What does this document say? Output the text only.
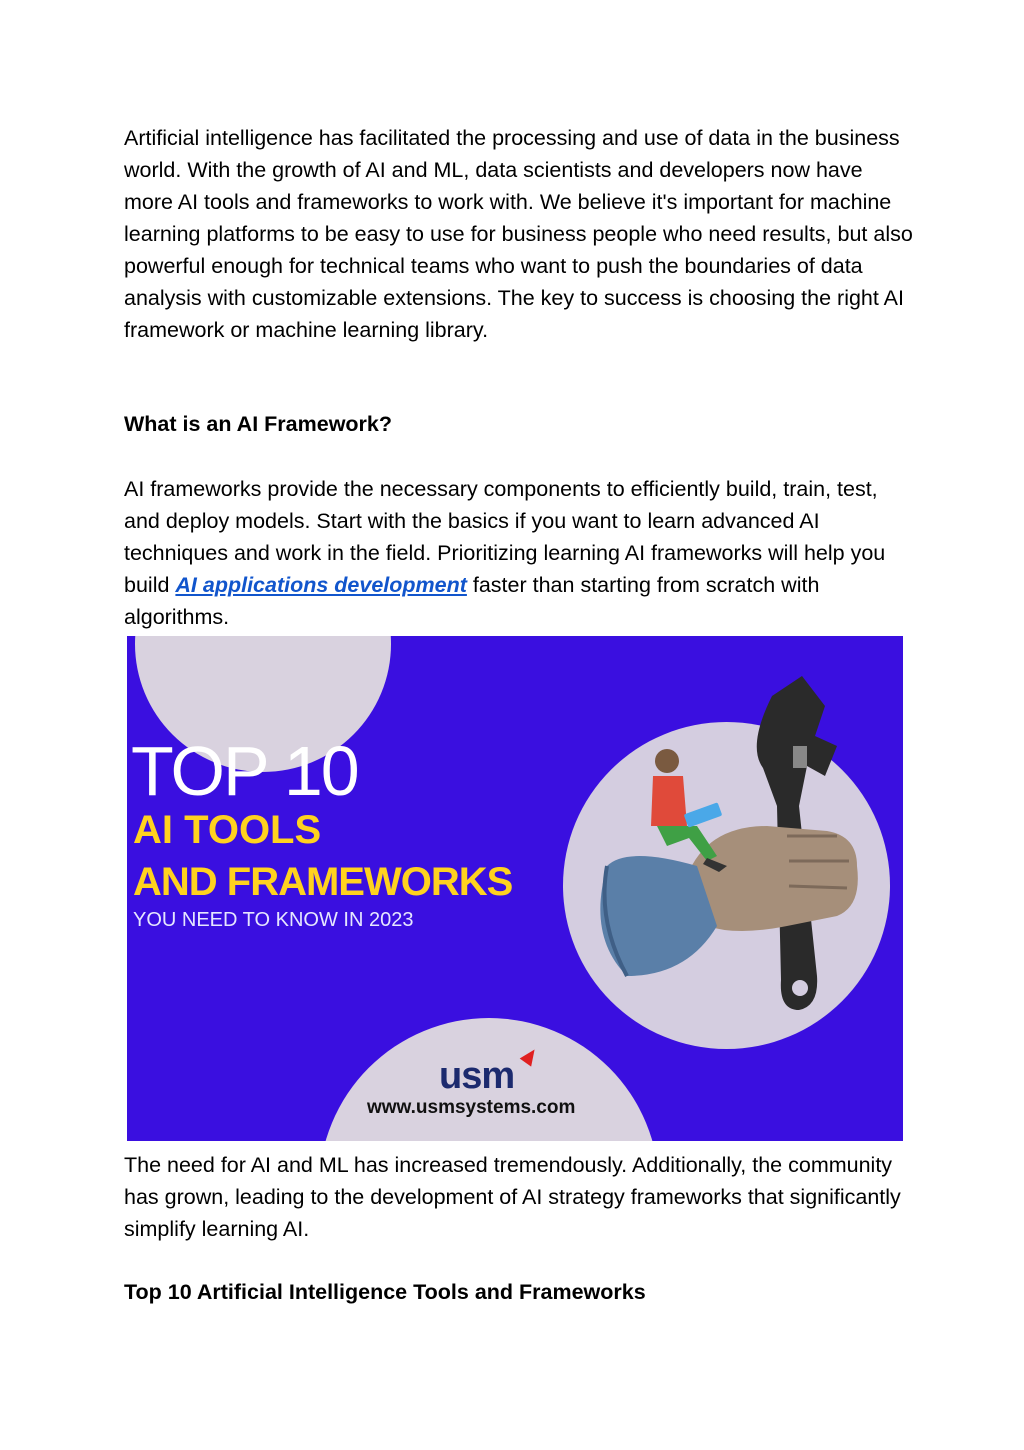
Artificial intelligence has facilitated the processing and use of data in the business world. With the growth of AI and ML, data scientists and developers now have more AI tools and frameworks to work with. We believe it's important for machine learning platforms to be easy to use for business people who need results, but also powerful enough for technical teams who want to push the boundaries of data analysis with customizable extensions. The key to success is choosing the right AI framework or machine learning library.

What is an AI Framework?

AI frameworks provide the necessary components to efficiently build, train, test, and deploy models. Start with the basics if you want to learn advanced AI techniques and work in the field. Prioritizing learning AI frameworks will help you build AI applications development faster than starting from scratch with algorithms.

The need for AI and ML has increased tremendously. Additionally, the community has grown, leading to the development of AI strategy frameworks that significantly simplify learning AI.

Top 10 Artificial Intelligence Tools and Frameworks

TOP 10
AI TOOLS
AND FRAMEWORKS
YOU NEED TO KNOW IN 2023
usm
www.usmsystems.com
